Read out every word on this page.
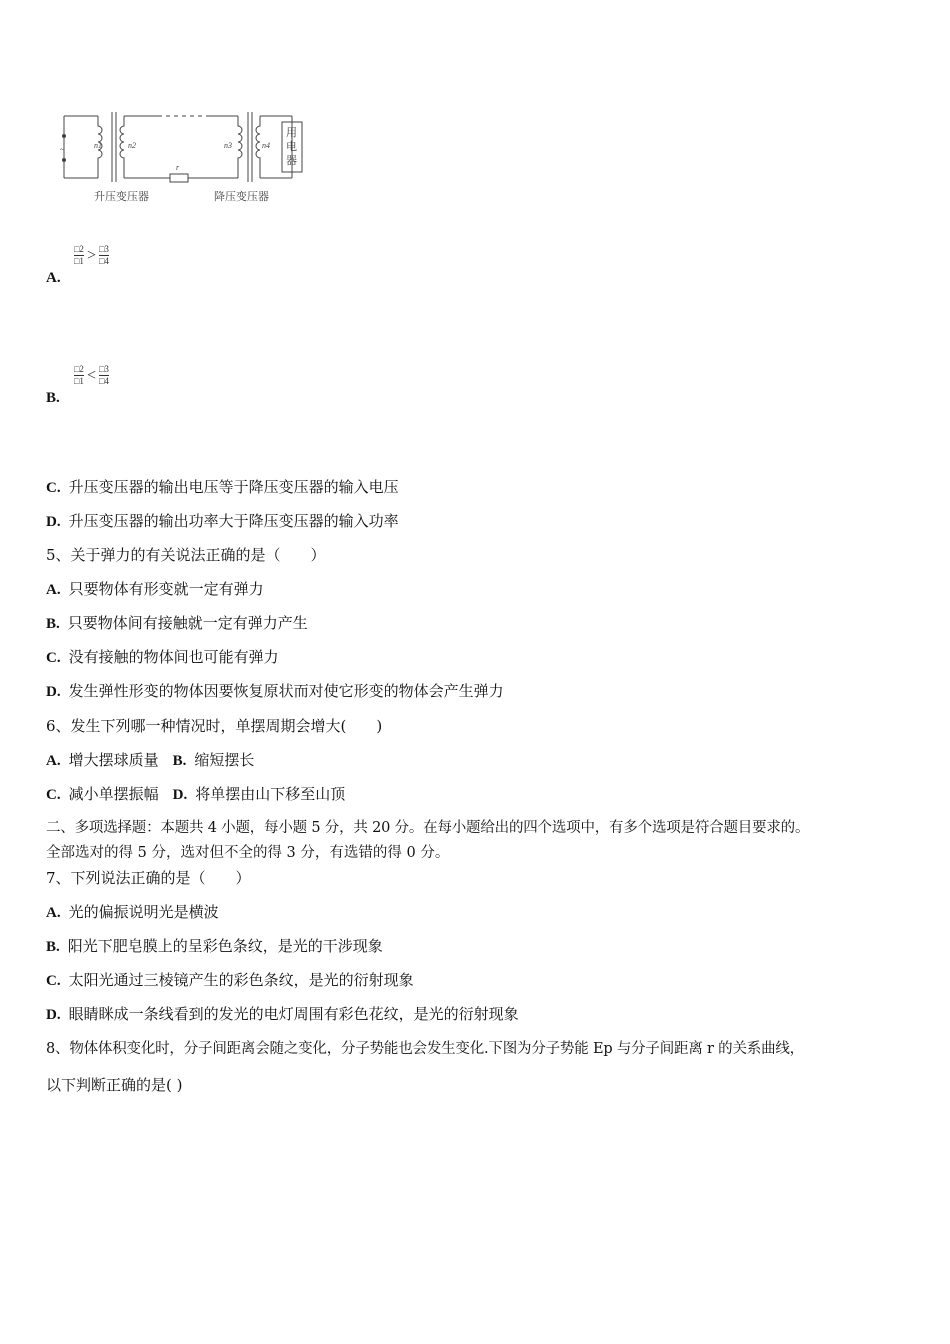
n1	n2
r
n3	n4
~
用
电
器
升压变压器	降压变压器
$\frac{□2}{□1} > \frac{□3}{□4}$
A.
$\frac{□2}{□1} < \frac{□3}{□4}$
B.
C. 升压变压器的输出电压等于降压变压器的输入电压
D. 升压变压器的输出功率大于降压变压器的输入功率
5、关于弹力的有关说法正确的是（　　）
A. 只要物体有形变就一定有弹力
B. 只要物体间有接触就一定有弹力产生
C. 没有接触的物体间也可能有弹力
D. 发生弹性形变的物体因要恢复原状而对使它形变的物体会产生弹力
6、发生下列哪一种情况时，单摆周期会增大(　　)
A. 增大摆球质量 B. 缩短摆长
C. 减小单摆振幅 D. 将单摆由山下移至山顶
二、多项选择题：本题共 4 小题，每小题 5 分，共 20 分。在每小题给出的四个选项中，有多个选项是符合题目要求的。
全部选对的得 5 分，选对但不全的得 3 分，有选错的得 0 分。
7、下列说法正确的是（　　）
A. 光的偏振说明光是横波
B. 阳光下肥皂膜上的呈彩色条纹，是光的干涉现象
C. 太阳光通过三棱镜产生的彩色条纹，是光的衍射现象
D. 眼睛眯成一条线看到的发光的电灯周围有彩色花纹，是光的衍射现象
8、物体体积变化时，分子间距离会随之变化，分子势能也会发生变化.下图为分子势能 Ep 与分子间距离 r 的关系曲线，
以下判断正确的是( )
